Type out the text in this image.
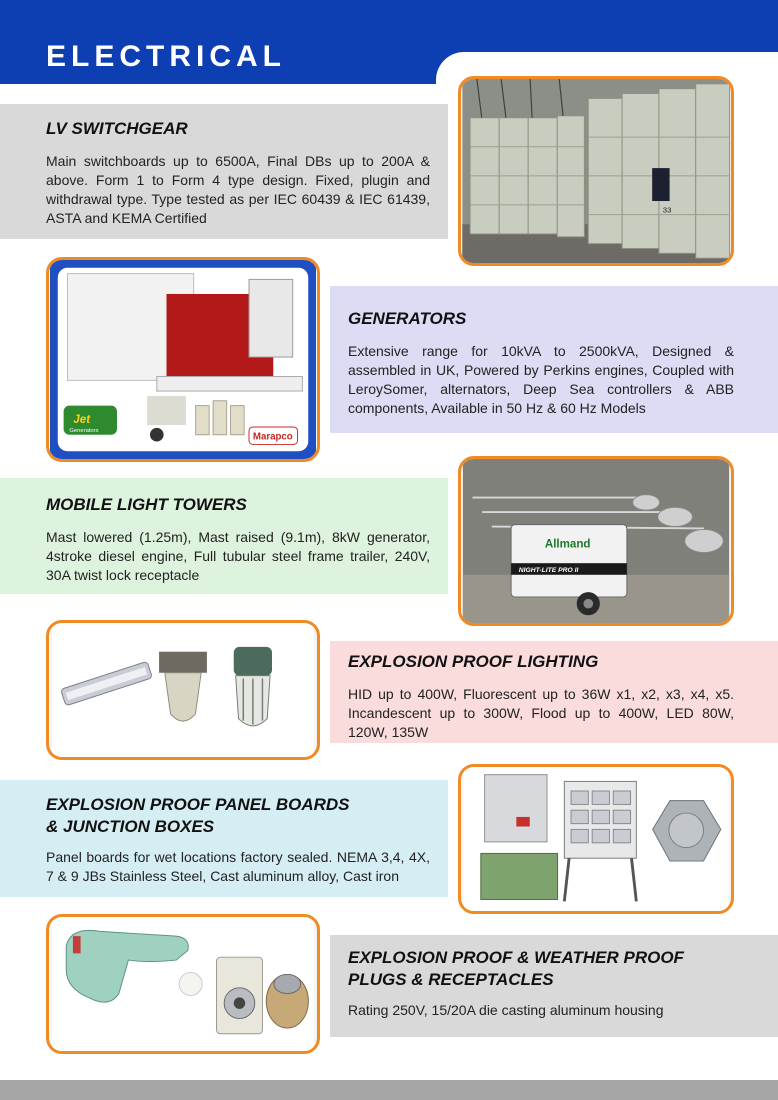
ELECTRICAL
LV SWITCHGEAR

Main switchboards up to 6500A, Final DBs up to 200A & above. Form 1 to Form 4 type design. Fixed, plugin and withdrawal type. Type tested as per IEC 60439 & IEC 61439, ASTA and KEMA Certified	33
Jet
Generators
Marapco
GENERATORS

Extensive range for 10kVA to 2500kVA, Designed & assembled in UK, Powered by Perkins engines, Coupled with LeroySomer, alternators, Deep Sea controllers & ABB components, Available in 50 Hz & 60 Hz Models

MOBILE LIGHT TOWERS

Mast lowered (1.25m), Mast raised (9.1m), 8kW generator, 4stroke diesel engine, Full tubular steel frame trailer, 240V, 30A twist lock receptacle

Allmand
NIGHT-LITE PRO II
EXPLOSION PROOF LIGHTING

HID up to 400W, Fluorescent up to 36W x1, x2, x3, x4, x5. Incandescent up to 300W, Flood up to 400W, LED 80W, 120W, 135W

EXPLOSION PROOF PANEL BOARDS
& JUNCTION BOXES

Panel boards for wet locations factory sealed. NEMA 3,4, 4X, 7 & 9 JBs Stainless Steel, Cast aluminum alloy, Cast iron

EXPLOSION PROOF & WEATHER PROOF
PLUGS & RECEPTACLES

Rating 250V, 15/20A die casting aluminum housing
